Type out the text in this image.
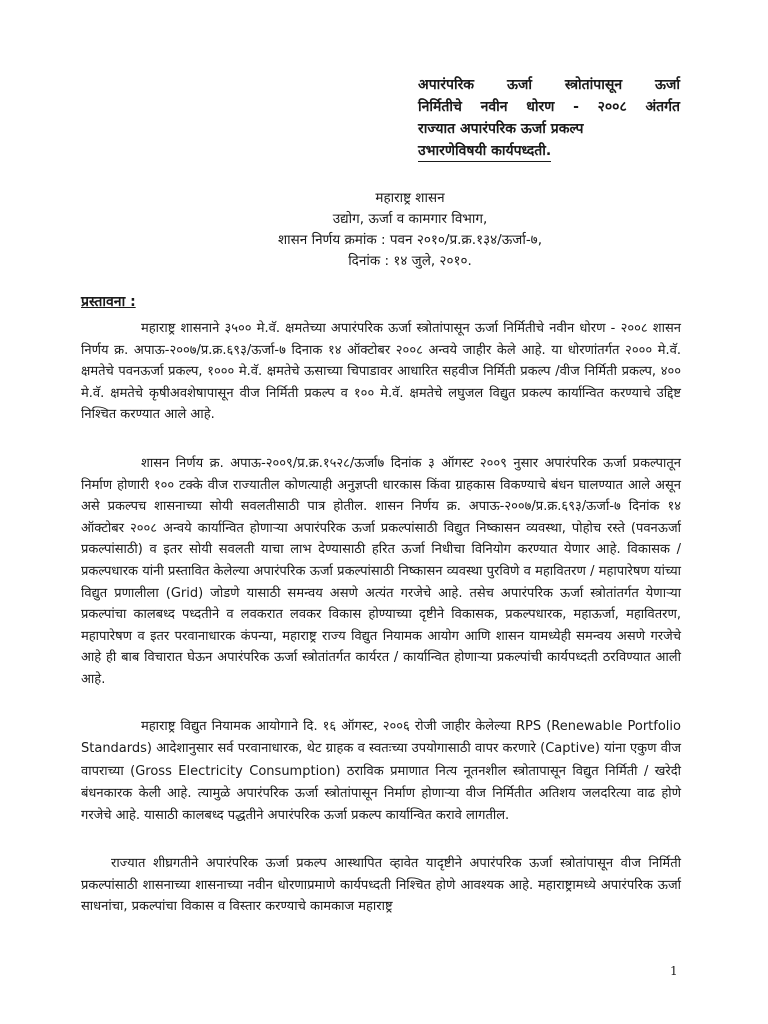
अपारंपरिक ऊर्जा स्त्रोतांपासून ऊर्जा
निर्मितीचे नवीन धोरण - २००८ अंतर्गत
राज्यात अपारंपरिक ऊर्जा प्रकल्प
उभारणेविषयी कार्यपध्दती.
महाराष्ट्र शासन
उद्योग, ऊर्जा व कामगार विभाग,
शासन निर्णय क्रमांक : पवन २०१०/प्र.क्र.१३४/ऊर्जा-७,
दिनांक : १४ जुले, २०१०.
प्रस्तावना :

महाराष्ट्र शासनाने ३५०० मे.वॅ. क्षमतेच्या अपारंपरिक ऊर्जा स्त्रोतांपासून ऊर्जा निर्मितीचे नवीन धोरण - २००८ शासन निर्णय क्र. अपाऊ-२००७/प्र.क्र.६९३/ऊर्जा-७ दिनाक १४ ऑक्टोबर २००८ अन्वये जाहीर केले आहे. या धोरणांतर्गत २००० मे.वॅ. क्षमतेचे पवनऊर्जा प्रकल्प, १००० मे.वॅ. क्षमतेचे ऊसाच्या चिपाडावर आधारित सहवीज निर्मिती प्रकल्प /वीज निर्मिती प्रकल्प, ४०० मे.वॅ. क्षमतेचे कृषीअवशेषापासून वीज निर्मिती प्रकल्प व १०० मे.वॅ. क्षमतेचे लघुजल विद्युत प्रकल्प कार्यान्वित करण्याचे उद्दिष्ट निश्चित करण्यात आले आहे.

शासन निर्णय क्र. अपाऊ-२००९/प्र.क्र.१५२८/ऊर्जा७ दिनांक ३ ऑगस्ट २००९ नुसार अपारंपरिक ऊर्जा प्रकल्पातून निर्माण होणारी १०० टक्के वीज राज्यातील कोणत्याही अनुज्ञप्ती धारकास किंवा ग्राहकास विकण्याचे बंधन घालण्यात आले असून असे प्रकल्पच शासनाच्या सोयी सवलतीसाठी पात्र होतील. शासन निर्णय क्र. अपाऊ-२००७/प्र.क्र.६९३/ऊर्जा-७ दिनांक १४ ऑक्टोबर २००८ अन्वये कार्यान्वित होणाऱ्या अपारंपरिक ऊर्जा प्रकल्पांसाठी विद्युत निष्कासन व्यवस्था, पोहोच रस्ते (पवनऊर्जा प्रकल्पांसाठी) व इतर सोयी सवलती याचा लाभ देण्यासाठी हरित ऊर्जा निधीचा विनियोग करण्यात येणार आहे. विकासक / प्रकल्पधारक यांनी प्रस्तावित केलेल्या अपारंपरिक ऊर्जा प्रकल्पांसाठी निष्कासन व्यवस्था पुरविणे व महावितरण / महापारेषण यांच्या विद्युत प्रणालीला (Grid) जोडणे यासाठी समन्वय असणे अत्यंत गरजेचे आहे. तसेच अपारंपरिक ऊर्जा स्त्रोतांतर्गत येणाऱ्या प्रकल्पांचा कालबध्द पध्दतीने व लवकरात लवकर विकास होण्याच्या दृष्टीने विकासक, प्रकल्पधारक, महाऊर्जा, महावितरण, महापारेषण व इतर परवानाधारक कंपन्या, महाराष्ट्र राज्य विद्युत नियामक आयोग आणि शासन यामध्येही समन्वय असणे गरजेचे आहे ही बाब विचारात घेऊन अपारंपरिक ऊर्जा स्त्रोतांतर्गत कार्यरत / कार्यान्वित होणाऱ्या प्रकल्पांची कार्यपध्दती ठरविण्यात आली आहे.

महाराष्ट्र विद्युत नियामक आयोगाने दि. १६ ऑगस्ट, २००६ रोजी जाहीर केलेल्या RPS (Renewable Portfolio Standards) आदेशानुसार सर्व परवानाधारक, थेट ग्राहक व स्वतःच्या उपयोगासाठी वापर करणारे (Captive) यांना एकुण वीज वापराच्या (Gross Electricity Consumption) ठराविक प्रमाणात नित्य नूतनशील स्त्रोतापासून विद्युत निर्मिती / खरेदी बंधनकारक केली आहे. त्यामुळे अपारंपरिक ऊर्जा स्त्रोतांपासून निर्माण होणाऱ्या वीज निर्मितीत अतिशय जलदरित्या वाढ होणे गरजेचे आहे. यासाठी कालबध्द पद्धतीने अपारंपरिक ऊर्जा प्रकल्प कार्यान्वित करावे लागतील.

राज्यात शीघ्रगतीने अपारंपरिक ऊर्जा प्रकल्प आस्थापित व्हावेत यादृष्टीने अपारंपरिक ऊर्जा स्त्रोतांपासून वीज निर्मिती प्रकल्पांसाठी शासनाच्या शासनाच्या नवीन धोरणाप्रमाणे कार्यपध्दती निश्चित होणे आवश्यक आहे. महाराष्ट्रामध्ये अपारंपरिक ऊर्जा साधनांचा, प्रकल्पांचा विकास व विस्तार करण्याचे कामकाज महाराष्ट्र

1
